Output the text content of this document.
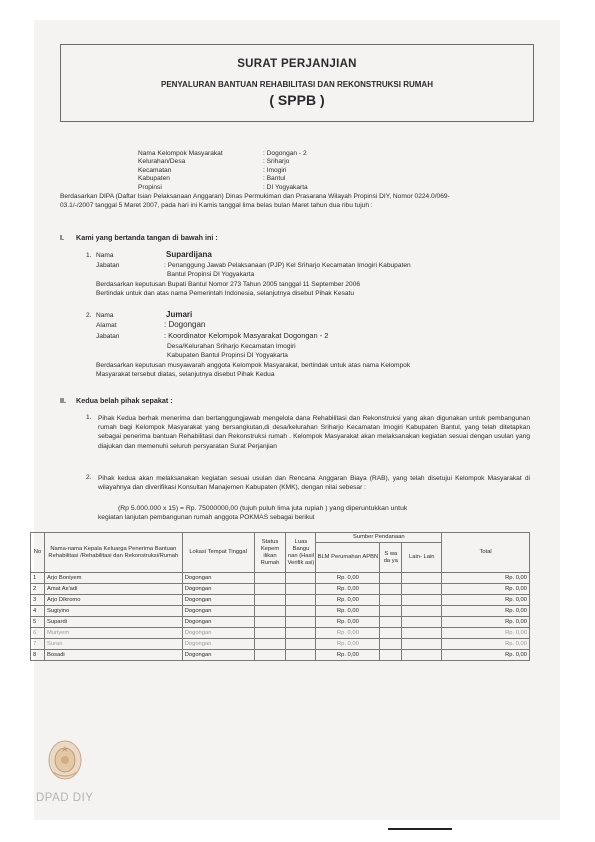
SURAT PERJANJIAN
PENYALURAN BANTUAN REHABILITASI DAN REKONSTRUKSI RUMAH
( SPPB )
Nama Kelompok Masyarakat	: Dogongan - 2
Kelurahan/Desa	: Sriharjo
Kecamatan	: Imogiri
Kabupaten	: Bantul
Propinsi	: DI Yogyakarta
Berdasarkan DIPA (Daftar Isian Pelaksanaan Anggaran) Dinas Permukiman dan Prasarana Wilayah Propinsi DIY, Nomor 0224.0/069-03.1/-/2007 tanggal 5 Maret 2007, pada hari ini Kamis tanggal lima belas bulan Maret tahun dua ribu tujuh :
I. Kami yang bertanda tangan di bawah ini :
1. Nama	Supardijana
Jabatan	: Penanggung Jawab Pelaksanaan (PJP) Kel Sriharjo Kecamatan Imogiri Kabupaten
Bantul Propinsi DI Yogyakarta
Berdasarkan keputusan Bupati Bantul Nomor 273 Tahun 2005 tanggal 11 September 2006
Bertindak untuk dan atas nama Pemerintah Indonesia, selanjutnya disebut Pihak Kesatu
2. Nama	Jumari
Alamat	: Dogongan
Jabatan	: Koordinator Kelompok Masyarakat Dogongan - 2
Desa/Kelurahan Sriharjo Kecamatan Imogiri
Kabupaten Bantul Propinsi DI Yogyakarta
Berdasarkan keputusan musyawarah anggota Kelompok Masyarakat, bertindak untuk atas nama Kelompok
Masyarakat tersebut diatas, selanjutnya disebut Pihak Kedua
II. Kedua belah pihak sepakat :
1. Pihak Kedua berhak menerima dan bertanggungjawab mengelola dana Rehabilitasi dan Rekonstruksi yang akan digunakan untuk pembangunan rumah bagi Kelompok Masyarakat yang bersangkutan,di desa/kelurahan Sriharjo Kecamatan Imogiri Kabupaten Bantul, yang telah ditetapkan sebagai penerima bantuan Rehabilitasi dan Rekonstruksi rumah . Kelompok Masyarakat akan melaksanakan kegiatan sesuai dengan usulan yang diajukan dan memenuhi seluruh persyaratan Surat Perjanjian
2. Pihak kedua akan melaksanakan kegiatan sesuai usulan dan Rencana Anggaran Biaya (RAB), yang telah disetujui Kelompok Masyarakat di wilayahnya dan diverifikasi Konsultan Manajemen Kabupaten (KMK), dengan nilai sebesar :
(Rp 5.000.000 x 15) = Rp. 75000000,00 (tujuh puluh lima juta rupiah ) yang diperuntukkan untuk
kegiatan lanjutan pembangunan rumah anggota POKMAS sebagai berikut
No	Nama-nama Kepala Keluarga Penerima Bantuan Rehabilitasi /Rehabilitasi dan Rekonstruksi/Rumah	Lokasi Tempat Tinggal	Status Kepem ilikan Rumah	Luas Bangu nan (Hasil Verifik asi)	Sumber Pendanaan			Total
					BLM Perumahan APBN	S wa da ya	Lain- Lain	
1	Arjo Boniyem	Dogongan			Rp. 0,00			Rp. 0,00
2	Amat As'adi	Dogongan			Rp. 0,00			Rp. 0,00
3	Arjo Dikromo	Dogongan			Rp. 0,00			Rp. 0,00
4	Sugiyino	Dogongan			Rp. 0,00			Rp. 0,00
5	Supardi	Dogongan			Rp. 0,00			Rp. 0,00
6	Muriyem	Dogongan			Rp. 0,00			Rp. 0,00
7	Suran	Dogongan			Rp. 0,00			Rp. 0,00
8	Bosadi	Dogongan			Rp. 0,00			Rp. 0,00
DPAD DIY
